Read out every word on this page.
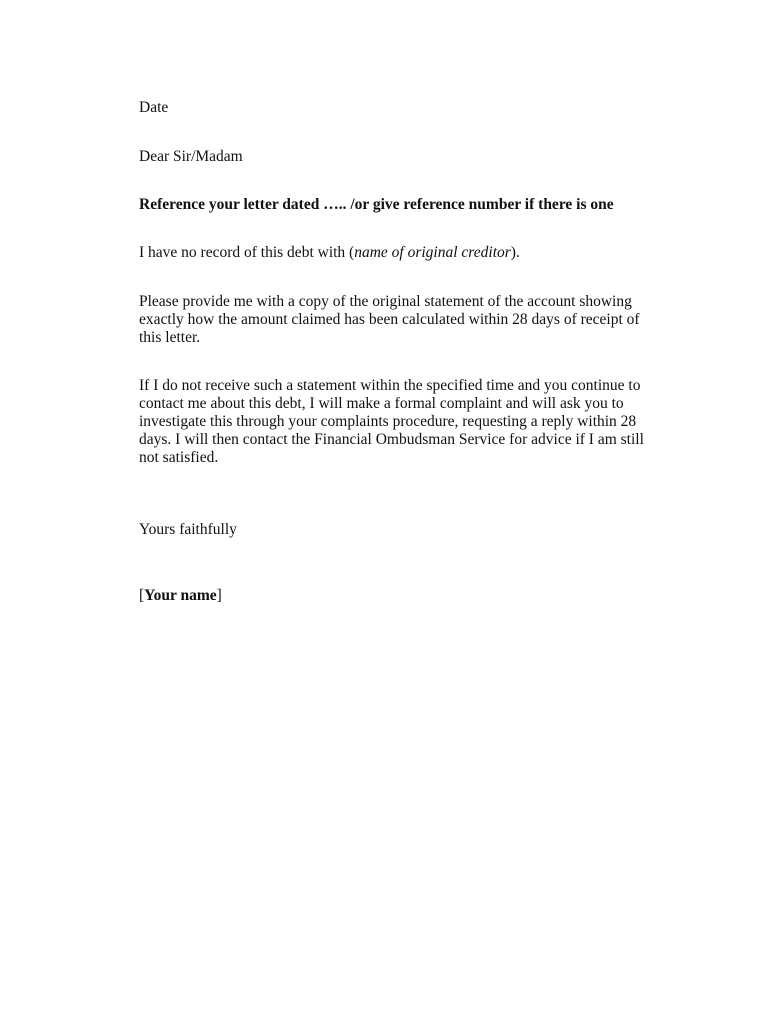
Date

Dear Sir/Madam

Reference your letter dated ….. /or give reference number if there is one

I have no record of this debt with (name of original creditor).

Please provide me with a copy of the original statement of the account showing
exactly how the amount claimed has been calculated within 28 days of receipt of
this letter.

If I do not receive such a statement within the specified time and you continue to
contact me about this debt, I will make a formal complaint and will ask you to
investigate this through your complaints procedure, requesting a reply within 28
days. I will then contact the Financial Ombudsman Service for advice if I am still
not satisfied.

Yours faithfully

[Your name]
